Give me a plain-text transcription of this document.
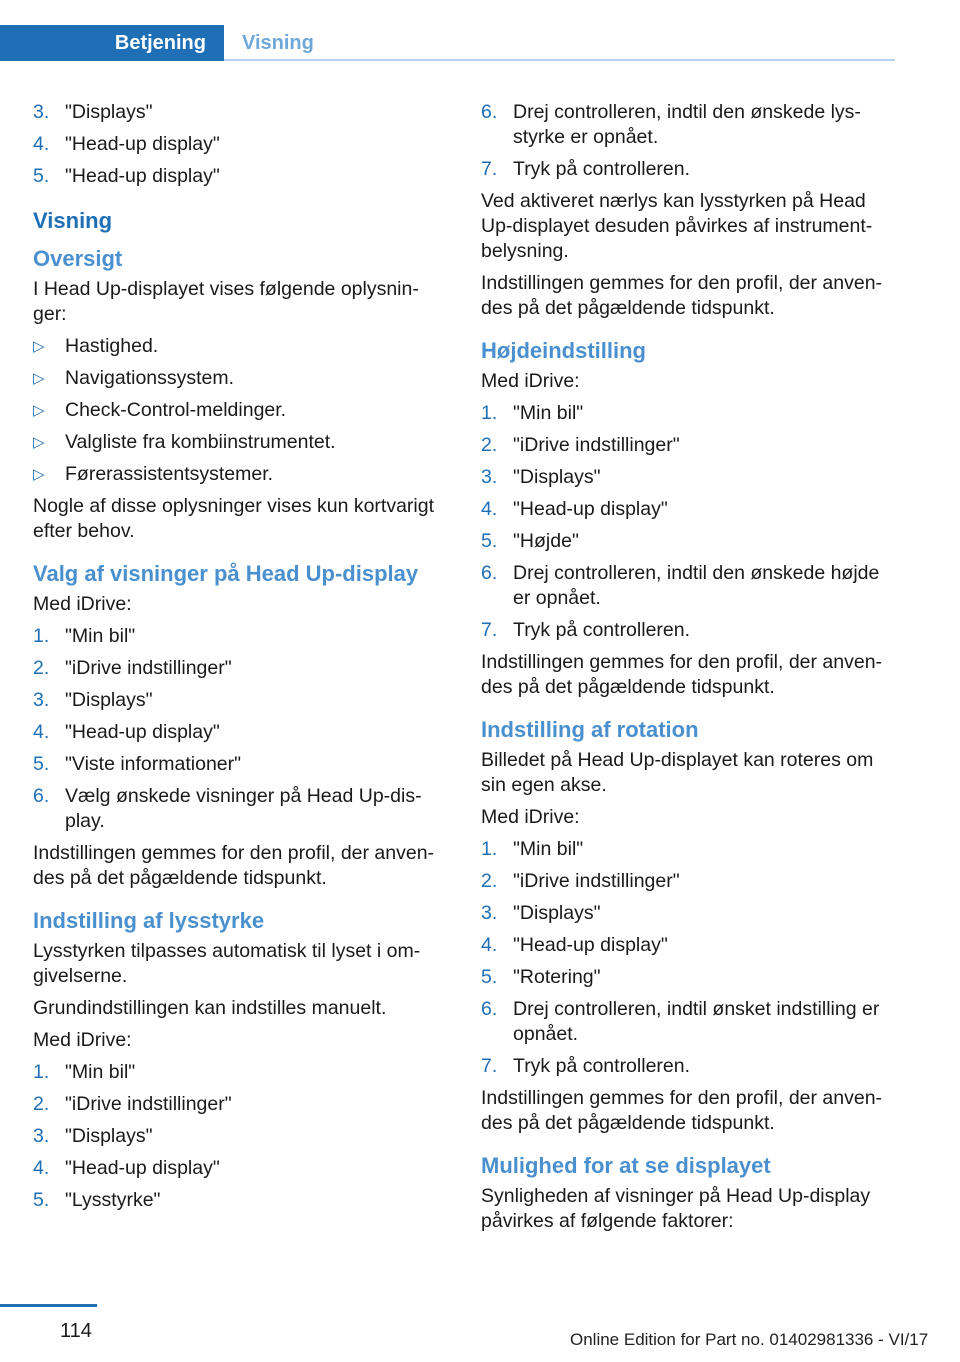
Betjening	Visning
3. "Displays"
4. "Head-up display"
5. "Head-up display"
Visning
Oversigt

I Head Up-displayet vises følgende oplysnin-ger:

▷	Hastighed.
▷	Navigationssystem.
▷	Check-Control-meldinger.
▷	Valgliste fra kombiinstrumentet.
▷	Førerassistentsystemer.

Nogle af disse oplysninger vises kun kortvarigt efter behov.

Valg af visninger på Head Up-display

Med iDrive:

1. "Min bil"
2. "iDrive indstillinger"
3. "Displays"
4. "Head-up display"
5. "Viste informationer"
6. Vælg ønskede visninger på Head Up-dis-play.

Indstillingen gemmes for den profil, der anven-des på det pågældende tidspunkt.

Indstilling af lysstyrke

Lysstyrken tilpasses automatisk til lyset i om-givelserne.

Grundindstillingen kan indstilles manuelt.

Med iDrive:

1. "Min bil"
2. "iDrive indstillinger"
3. "Displays"
4. "Head-up display"
5. "Lysstyrke"
6. Drej controlleren, indtil den ønskede lys-styrke er opnået.
7. Tryk på controlleren.

Ved aktiveret nærlys kan lysstyrken på Head Up-displayet desuden påvirkes af instrument-belysning.

Indstillingen gemmes for den profil, der anven-des på det pågældende tidspunkt.

Højdeindstilling

Med iDrive:

1. "Min bil"
2. "iDrive indstillinger"
3. "Displays"
4. "Head-up display"
5. "Højde"
6. Drej controlleren, indtil den ønskede højde er opnået.
7. Tryk på controlleren.

Indstillingen gemmes for den profil, der anven-des på det pågældende tidspunkt.

Indstilling af rotation

Billedet på Head Up-displayet kan roteres om sin egen akse.

Med iDrive:

1. "Min bil"
2. "iDrive indstillinger"
3. "Displays"
4. "Head-up display"
5. "Rotering"
6. Drej controlleren, indtil ønsket indstilling er opnået.
7. Tryk på controlleren.

Indstillingen gemmes for den profil, der anven-des på det pågældende tidspunkt.

Mulighed for at se displayet

Synligheden af visninger på Head Up-display påvirkes af følgende faktorer:

114	Online Edition for Part no. 01402981336 - VI/17
